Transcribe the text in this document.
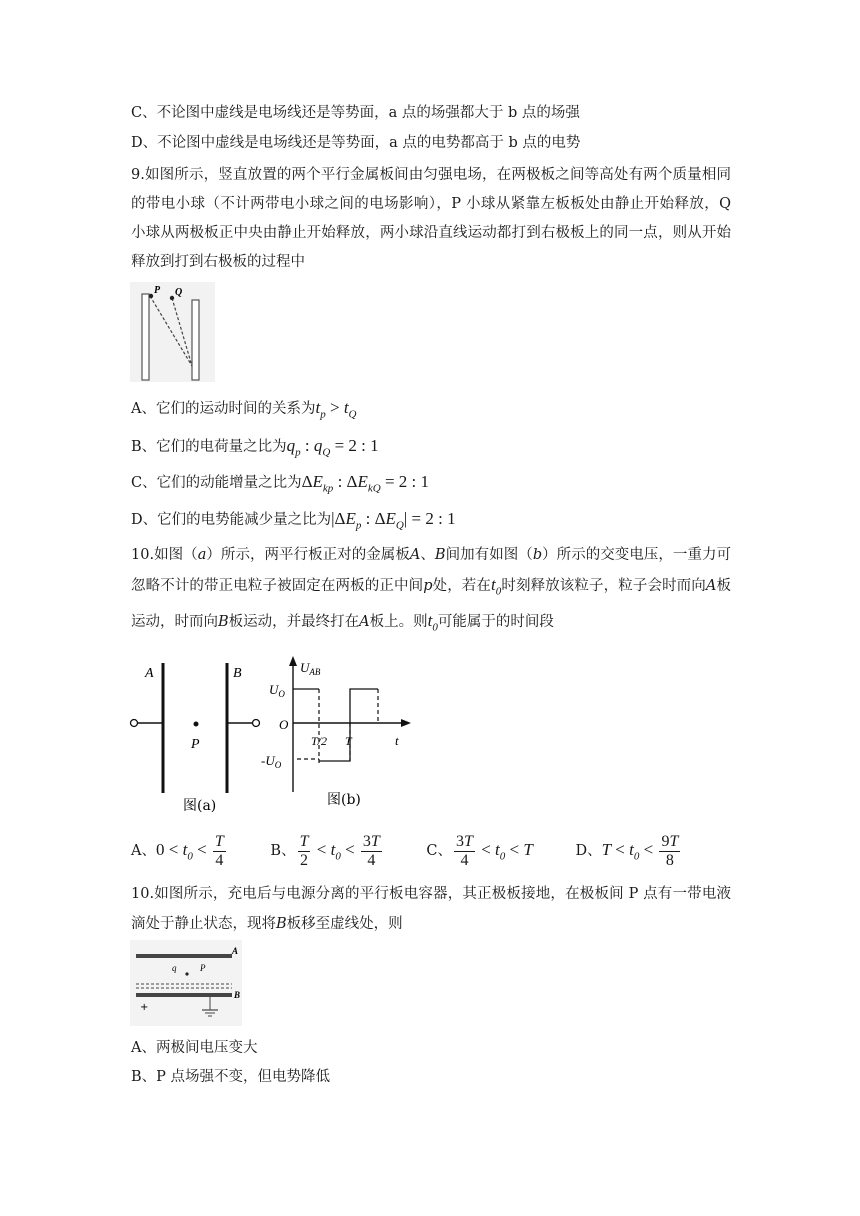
C、不论图中虚线是电场线还是等势面，a 点的场强都大于 b 点的场强
D、不论图中虚线是电场线还是等势面，a 点的电势都高于 b 点的电势
9.如图所示，竖直放置的两个平行金属板间由匀强电场，在两极板之间等高处有两个质量相同的带电小球（不计两带电小球之间的电场影响），P 小球从紧靠左板板处由静止开始释放，Q 小球从两极板正中央由静止开始释放，两小球沿直线运动都打到右极板上的同一点，则从开始释放到打到右极板的过程中
P Q
A、它们的运动时间的关系为$t_p > t_Q$
B、它们的电荷量之比为$q_p$ : $q_Q = 2$ : 1
C、它们的动能增量之比为$\Delta E_{kp}$ : $\Delta E_{kQ} = 2$ : 1
D、它们的电势能减少量之比为$|\Delta E_p$ : $\Delta E_Q| = 2$ : 1
10.如图（a）所示，两平行板正对的金属板A、B间加有如图（b）所示的交变电压，一重力可忽略不计的带正电粒子被固定在两板的正中间p处，若在$t_0$时刻释放该粒子，粒子会时而向A板运动，时而向B板运动，并最终打在A板上。则$t_0$可能属于的时间段
A	B
P
图(a)
$U_{AB}$
$U_O$
O
$-U_O$
t
T/2 T
图(b)
A、$0 < t_0 < \frac{T}{4}$	B、 $\frac{T}{2} < t_0 < \frac{3T}{4}$	C、 $\frac{3T}{4} < t_0 < T$	D、$T < t_0 < \frac{9T}{8}$
10.如图所示，充电后与电源分离的平行板电容器，其正极板接地，在极板间 P 点有一带电液滴处于静止状态，现将B板移至虚线处，则
A
q	P
B
+
A、两极间电压变大
B、P 点场强不变，但电势降低
